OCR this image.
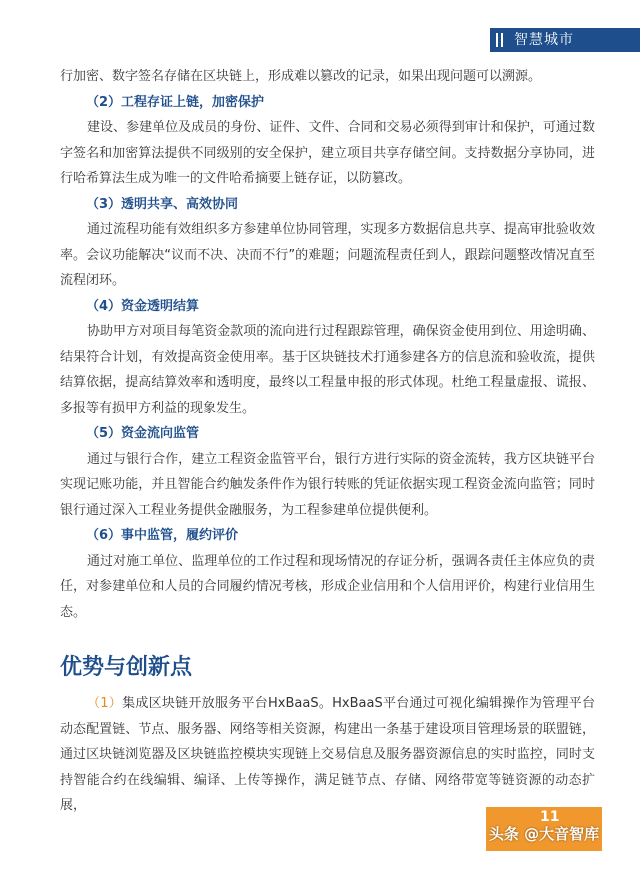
智慧城市

行加密、数字签名存储在区块链上，形成难以篡改的记录，如果出现问题可以溯源。

（2）工程存证上链，加密保护

建设、参建单位及成员的身份、证件、文件、合同和交易必须得到审计和保护，可通过数字签名和加密算法提供不同级别的安全保护，建立项目共享存储空间。支持数据分享协同，进行哈希算法生成为唯一的文件哈希摘要上链存证，以防篡改。

（3）透明共享、高效协同

通过流程功能有效组织多方参建单位协同管理，实现多方数据信息共享、提高审批验收效率。会议功能解决“议而不决、决而不行”的难题；问题流程责任到人，跟踪问题整改情况直至流程闭环。

（4）资金透明结算

协助甲方对项目每笔资金款项的流向进行过程跟踪管理，确保资金使用到位、用途明确、结果符合计划，有效提高资金使用率。基于区块链技术打通参建各方的信息流和验收流，提供结算依据，提高结算效率和透明度，最终以工程量申报的形式体现。杜绝工程量虚报、谎报、多报等有损甲方利益的现象发生。

（5）资金流向监管

通过与银行合作，建立工程资金监管平台，银行方进行实际的资金流转，我方区块链平台实现记账功能，并且智能合约触发条件作为银行转账的凭证依据实现工程资金流向监管；同时银行通过深入工程业务提供金融服务，为工程参建单位提供便利。

（6）事中监管，履约评价

通过对施工单位、监理单位的工作过程和现场情况的存证分析，强调各责任主体应负的责任，对参建单位和人员的合同履约情况考核，形成企业信用和个人信用评价，构建行业信用生态。

优势与创新点

（1）集成区块链开放服务平台HxBaaS。HxBaaS平台通过可视化编辑操作为管理平台动态配置链、节点、服务器、网络等相关资源，构建出一条基于建设项目管理场景的联盟链，通过区块链浏览器及区块链监控模块实现链上交易信息及服务器资源信息的实时监控，同时支持智能合约在线编辑、编译、上传等操作，满足链节点、存储、网络带宽等链资源的动态扩展，

11
头条 @大音智库
